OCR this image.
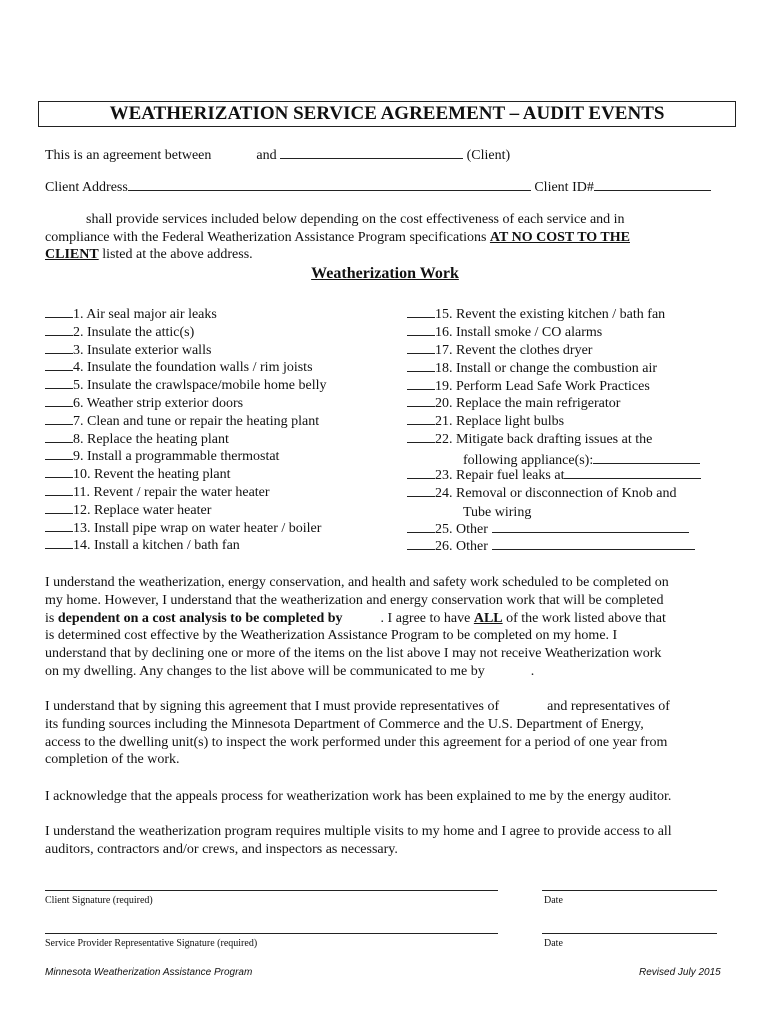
WEATHERIZATION SERVICE AGREEMENT – AUDIT EVENTS
This is an agreement between	and	(Client)
Client Address	Client ID#
shall provide services included below depending on the cost effectiveness of each service and in
compliance with the Federal Weatherization Assistance Program specifications AT NO COST TO THE
CLIENT listed at the above address.
Weatherization Work
1. Air seal major air leaks
2. Insulate the attic(s)
3. Insulate exterior walls
4. Insulate the foundation walls / rim joists
5. Insulate the crawlspace/mobile home belly
6. Weather strip exterior doors
7. Clean and tune or repair the heating plant
8. Replace the heating plant
9. Install a programmable thermostat
10. Revent the heating plant
11. Revent / repair the water heater
12. Replace water heater
13. Install pipe wrap on water heater / boiler
14. Install a kitchen / bath fan
15. Revent the existing kitchen / bath fan
16. Install smoke / CO alarms
17. Revent the clothes dryer
18. Install or change the combustion air
19. Perform Lead Safe Work Practices
20. Replace the main refrigerator
21. Replace light bulbs
22. Mitigate back drafting issues at the
23. Repair fuel leaks at
24. Removal or disconnection of Knob and
25. Other
26. Other
following appliance(s):
Tube wiring
I understand the weatherization, energy conservation, and health and safety work scheduled to be completed on
my home. However, I understand that the weatherization and energy conservation work that will be completed
is dependent on a cost analysis to be completed by	. I agree to have ALL of the work listed above that
is determined cost effective by the Weatherization Assistance Program to be completed on my home. I
understand that by declining one or more of the items on the list above I may not receive Weatherization work
on my dwelling. Any changes to the list above will be communicated to me by	.
I understand that by signing this agreement that I must provide representatives of	and representatives of
its funding sources including the Minnesota Department of Commerce and the U.S. Department of Energy,
access to the dwelling unit(s) to inspect the work performed under this agreement for a period of one year from
completion of the work.
I acknowledge that the appeals process for weatherization work has been explained to me by the energy auditor.
I understand the weatherization program requires multiple visits to my home and I agree to provide access to all
auditors, contractors and/or crews, and inspectors as necessary.
Client Signature (required)	Date
Service Provider Representative Signature (required)	Date
Minnesota Weatherization Assistance Program	Revised July 2015
